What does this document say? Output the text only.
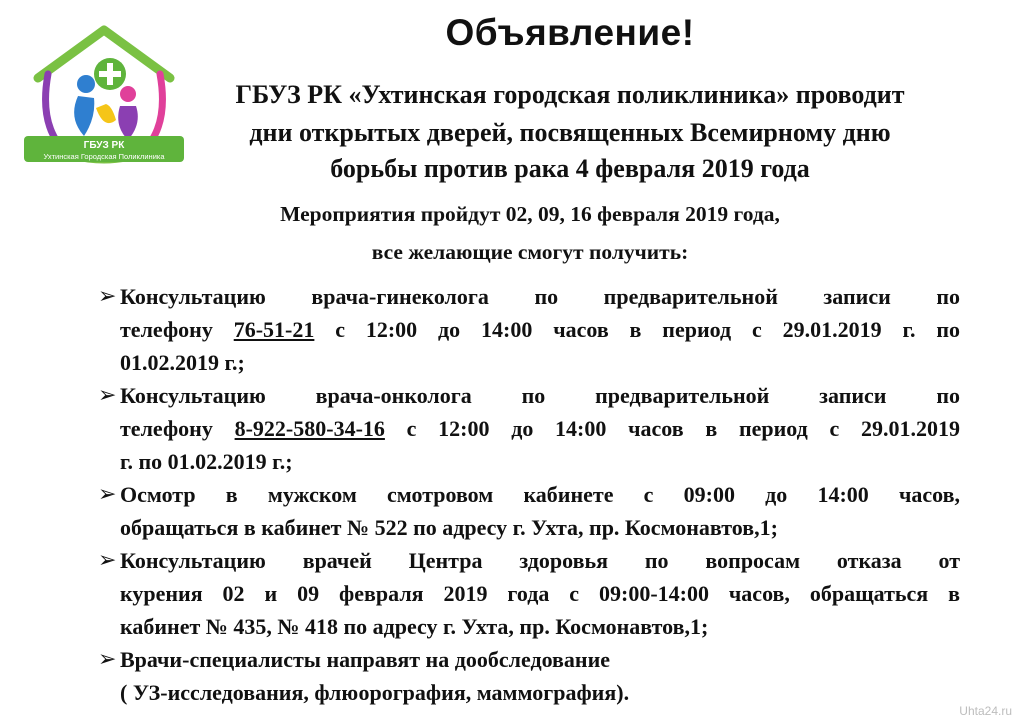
ГБУЗ РК
Ухтинская Городская Поликлиника
Объявление!
ГБУЗ РК «Ухтинская городская поликлиника» проводит
дни открытых дверей, посвященных Всемирному дню
борьбы против рака 4 февраля 2019 года
Мероприятия пройдут 02, 09, 16 февраля 2019 года,
все желающие смогут получить:
➢ Консультацию врача-гинеколога по предварительной записи по
телефону 76-51-21 с 12:00 до 14:00 часов в период с 29.01.2019 г. по
01.02.2019 г.;
➢ Консультацию врача-онколога по предварительной записи по
телефону 8-922-580-34-16 с 12:00 до 14:00 часов в период с 29.01.2019
г. по 01.02.2019 г.;
➢ Осмотр в мужском смотровом кабинете с 09:00 до 14:00 часов,
обращаться в кабинет № 522 по адресу г. Ухта, пр. Космонавтов,1;
➢ Консультацию врачей Центра здоровья по вопросам отказа от
курения 02 и 09 февраля 2019 года с 09:00-14:00 часов, обращаться в
кабинет № 435, № 418 по адресу г. Ухта, пр. Космонавтов,1;
➢ Врачи-специалисты направят на дообследование
( УЗ-исследования, флюорография, маммография).
Uhta24.ru
